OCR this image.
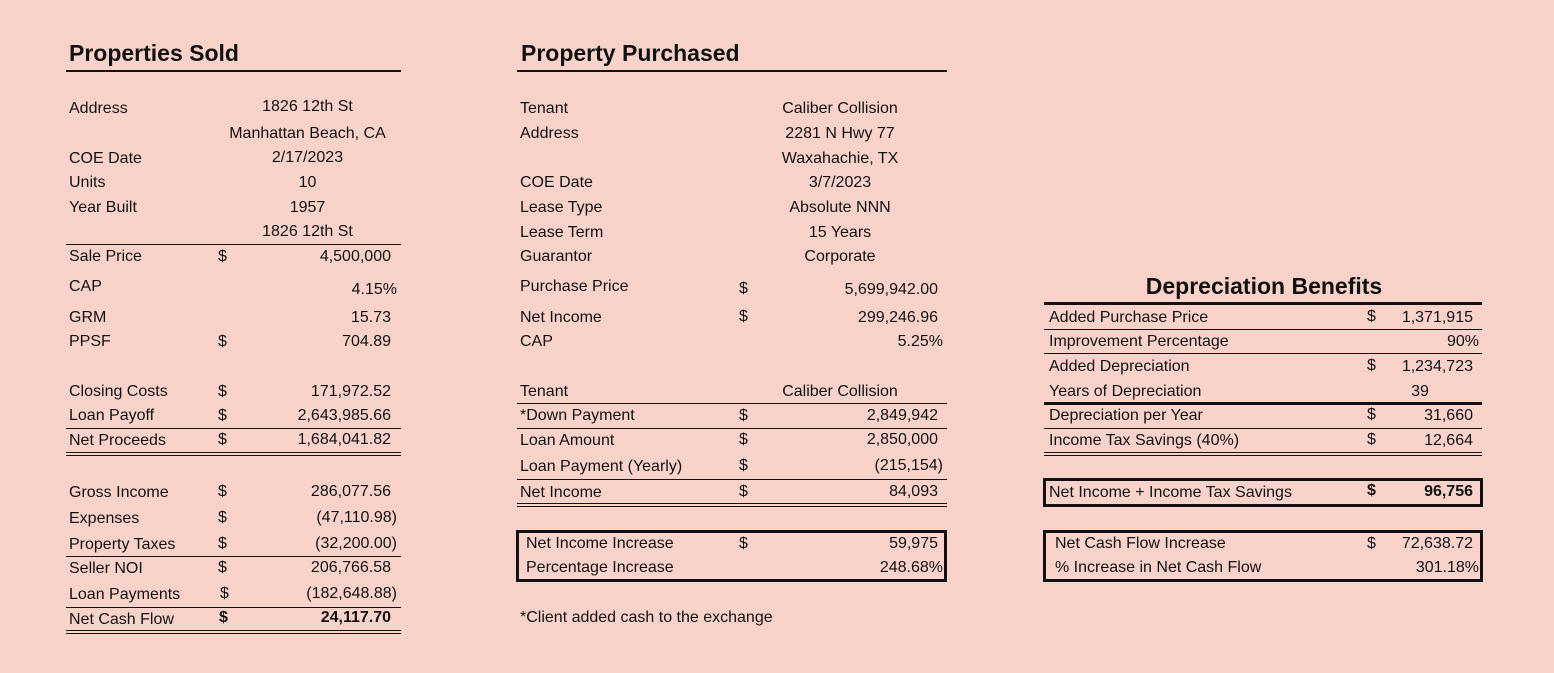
Properties Sold
Address	1826 12th St
Manhattan Beach, CA
COE Date	2/17/2023
Units	10
Year Built	1957
1826 12th St
Sale Price	$	4,500,000
CAP	4.15%
GRM	15.73
PPSF	$	704.89
Closing Costs	$	171,972.52
Loan Payoff	$	2,643,985.66
Net Proceeds	$	1,684,041.82
Gross Income	$	286,077.56
Expenses	$	(47,110.98)
Property Taxes	$	(32,200.00)
Seller NOI	$	206,766.58
Loan Payments $	(182,648.88)
Net Cash Flow	$	24,117.70
Property Purchased
Tenant	Caliber Collision
Address	2281 N Hwy 77
Waxahachie, TX
COE Date	3/7/2023
Lease Type	Absolute NNN
Lease Term	15 Years
Guarantor	Corporate
Purchase Price	$	5,699,942.00
Net Income	$	299,246.96
CAP	5.25%
Tenant	Caliber Collision
*Down Payment	$	2,849,942
Loan Amount	$	2,850,000
Loan Payment (Yearly)	$	(215,154)
Net Income	$	84,093
Net Income Increase	$	59,975
Percentage Increase	248.68%
*Client added cash to the exchange
Depreciation Benefits
Added Purchase Price	$	1,371,915
Improvement Percentage	90%
Added Depreciation	$	1,234,723
Years of Depreciation	39
Depreciation per Year	$	31,660
Income Tax Savings (40%)	$	12,664
Net Income + Income Tax Savings	$	96,756
Net Cash Flow Increase	$	72,638.72
% Increase in Net Cash Flow	301.18%
